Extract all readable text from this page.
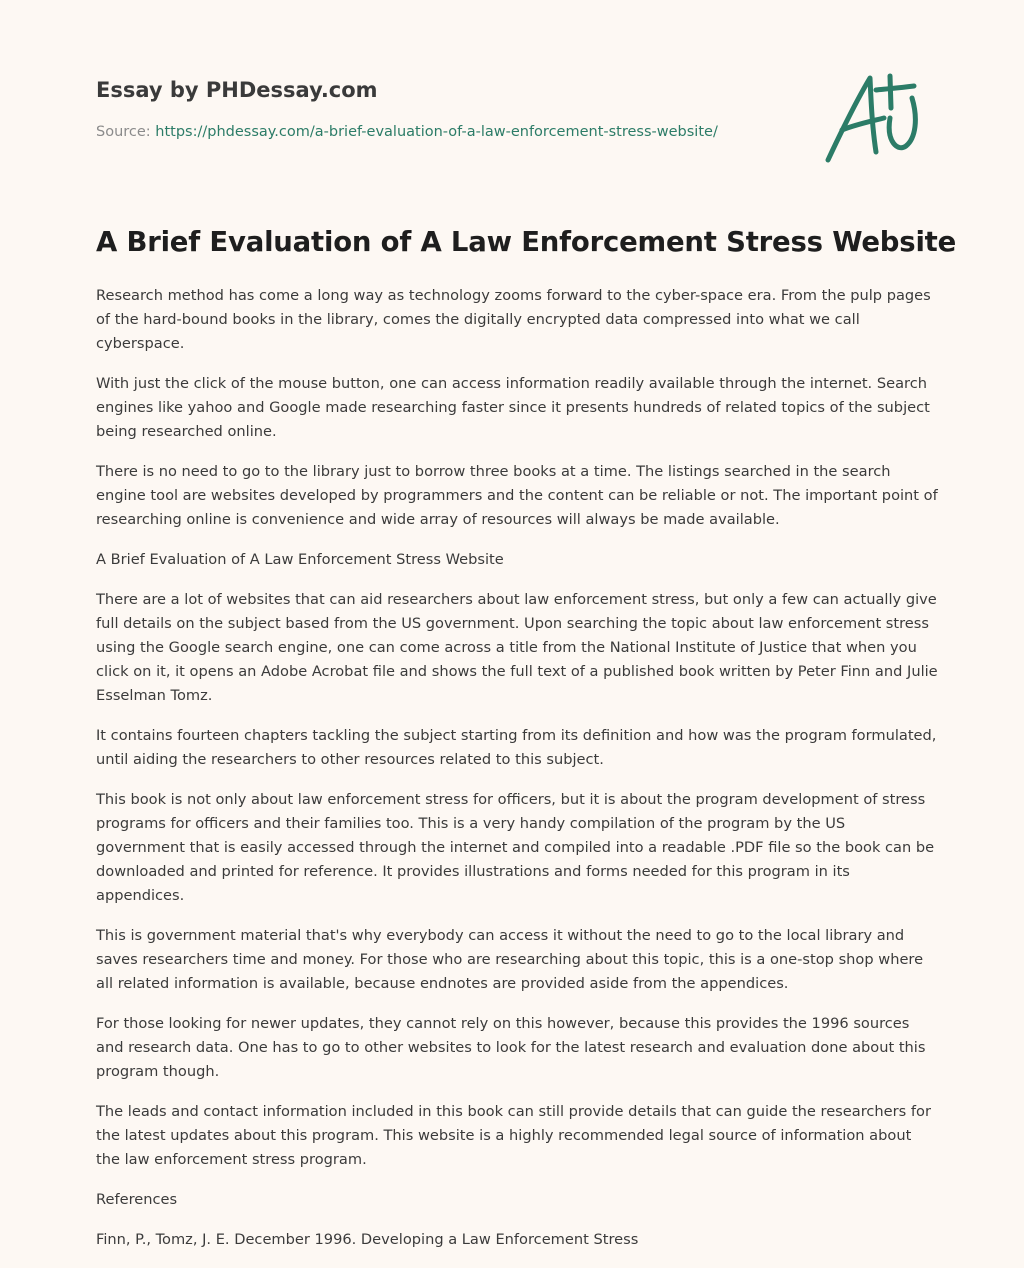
Essay by PHDessay.com

Source: https://phdessay.com/a-brief-evaluation-of-a-law-enforcement-stress-website/

A Brief Evaluation of A Law Enforcement Stress Website

Research method has come a long way as technology zooms forward to the cyber-space era. From the pulp pages of the hard-bound books in the library, comes the digitally encrypted data compressed into what we call cyberspace.

With just the click of the mouse button, one can access information readily available through the internet. Search engines like yahoo and Google made researching faster since it presents hundreds of related topics of the subject being researched online.

There is no need to go to the library just to borrow three books at a time. The listings searched in the search engine tool are websites developed by programmers and the content can be reliable or not. The important point of researching online is convenience and wide array of resources will always be made available.

A Brief Evaluation of A Law Enforcement Stress Website

There are a lot of websites that can aid researchers about law enforcement stress, but only a few can actually give full details on the subject based from the US government. Upon searching the topic about law enforcement stress using the Google search engine, one can come across a title from the National Institute of Justice that when you click on it, it opens an Adobe Acrobat file and shows the full text of a published book written by Peter Finn and Julie Esselman Tomz.

It contains fourteen chapters tackling the subject starting from its definition and how was the program formulated, until aiding the researchers to other resources related to this subject.

This book is not only about law enforcement stress for officers, but it is about the program development of stress programs for officers and their families too. This is a very handy compilation of the program by the US government that is easily accessed through the internet and compiled into a readable .PDF file so the book can be downloaded and printed for reference. It provides illustrations and forms needed for this program in its appendices.

This is government material that's why everybody can access it without the need to go to the local library and saves researchers time and money. For those who are researching about this topic, this is a one-stop shop where all related information is available, because endnotes are provided aside from the appendices.

For those looking for newer updates, they cannot rely on this however, because this provides the 1996 sources and research data. One has to go to other websites to look for the latest research and evaluation done about this program though.

The leads and contact information included in this book can still provide details that can guide the researchers for the latest updates about this program. This website is a highly recommended legal source of information about the law enforcement stress program.

References

Finn, P., Tomz, J. E. December 1996. Developing a Law Enforcement Stress
